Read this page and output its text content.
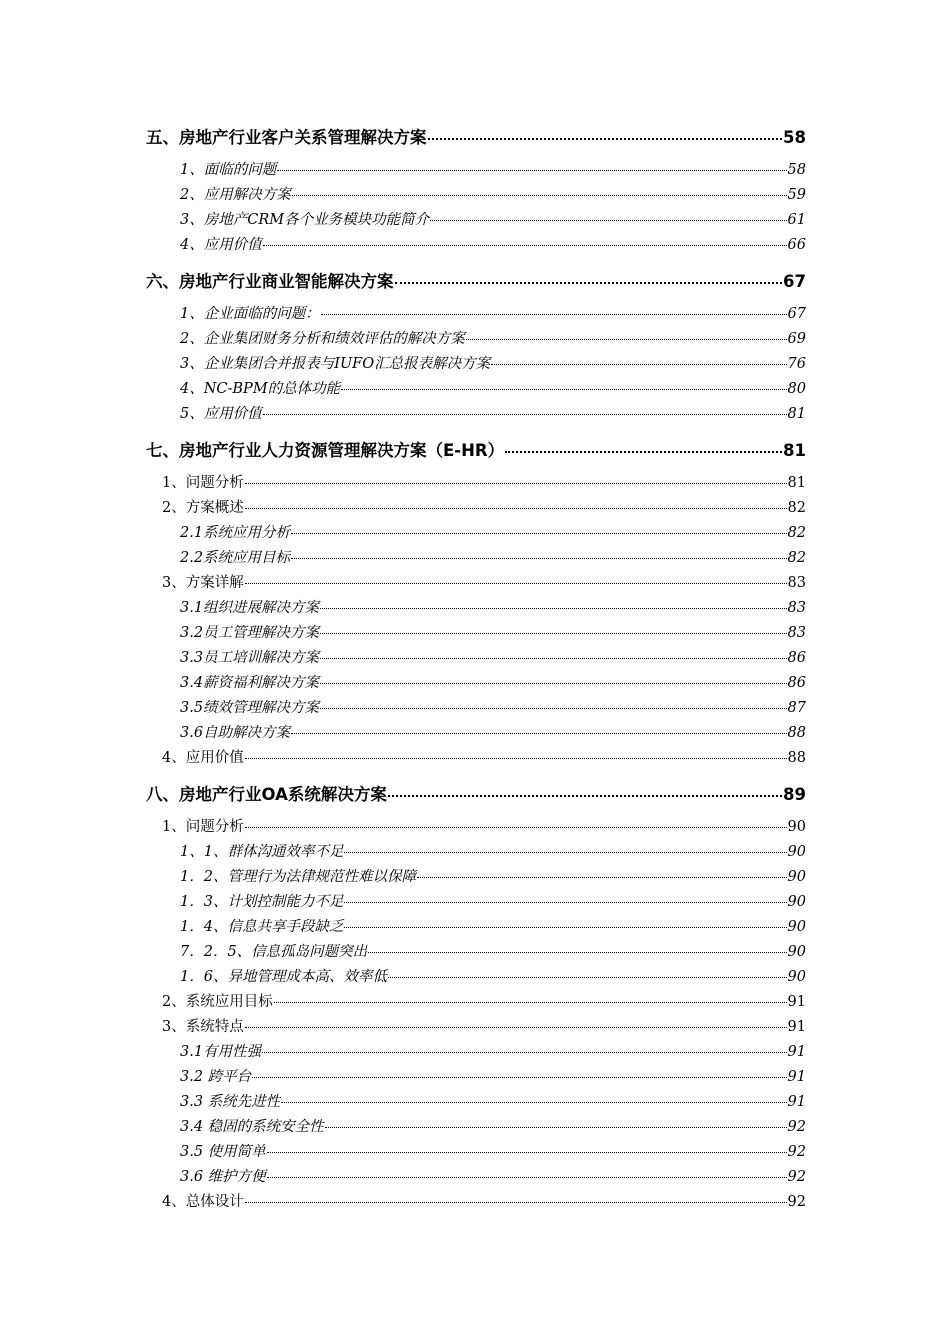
五、房地产行业客户关系管理解决方案	58
1、面临的问题	58
2、应用解决方案	59
3、房地产CRM各个业务模块功能简介	61
4、应用价值	66
六、房地产行业商业智能解决方案	67
1、企业面临的问题：	67
2、企业集团财务分析和绩效评估的解决方案	69
3、企业集团合并报表与IUFO汇总报表解决方案	76
4、NC-BPM的总体功能	80
5、应用价值	81
七、房地产行业人力资源管理解决方案（E-HR）	81
1、问题分析	81
2、方案概述	82
2.1系统应用分析	82
2.2系统应用目标	82
3、方案详解	83
3.1组织进展解决方案	83
3.2员工管理解决方案	83
3.3员工培训解决方案	86
3.4薪资福利解决方案	86
3.5绩效管理解决方案	87
3.6自助解决方案	88
4、应用价值	88
八、房地产行业OA系统解决方案	89
1、问题分析	90
1、1、群体沟通效率不足	90
1．2、管理行为法律规范性难以保障	90
1．3、计划控制能力不足	90
1．4、信息共享手段缺乏	90
7．2．5、信息孤岛问题突出	90
1．6、异地管理成本高、效率低	90
2、系统应用目标	91
3、系统特点	91
3.1有用性强	91
3.2 跨平台	91
3.3 系统先进性	91
3.4 稳固的系统安全性	92
3.5 使用简单	92
3.6 维护方便	92
4、总体设计	92
